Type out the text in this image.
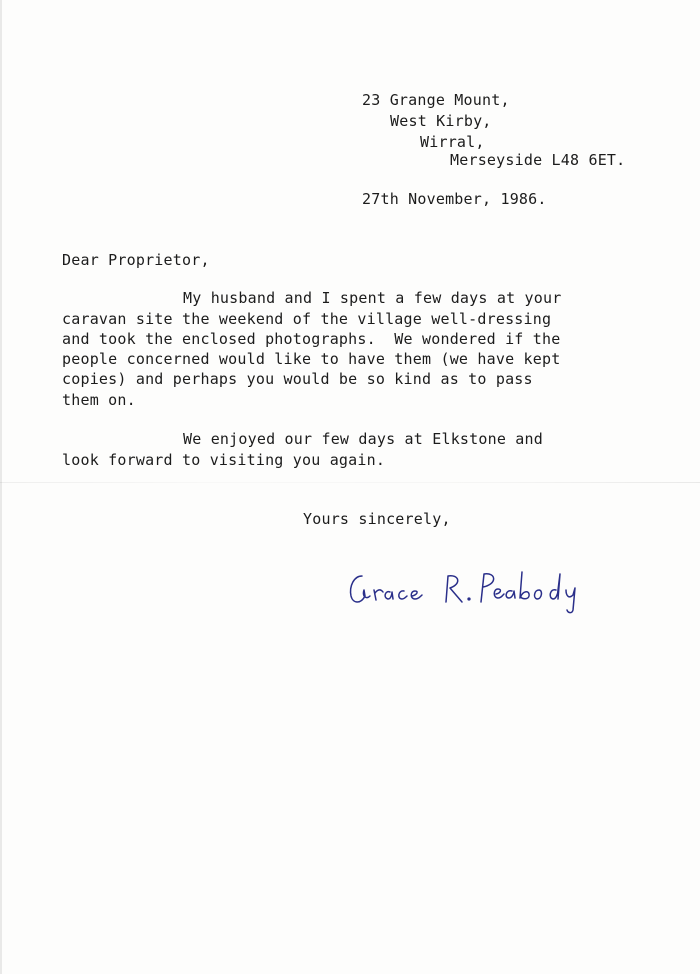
23 Grange Mount,
West Kirby,
Wirral,
Merseyside L48 6ET.
27th November, 1986.
Dear Proprietor,
My husband and I spent a few days at your
caravan site the weekend of the village well-dressing
and took the enclosed photographs.  We wondered if the
people concerned would like to have them (we have kept
copies) and perhaps you would be so kind as to pass
them on.
We enjoyed our few days at Elkstone and
look forward to visiting you again.
Yours sincerely,
